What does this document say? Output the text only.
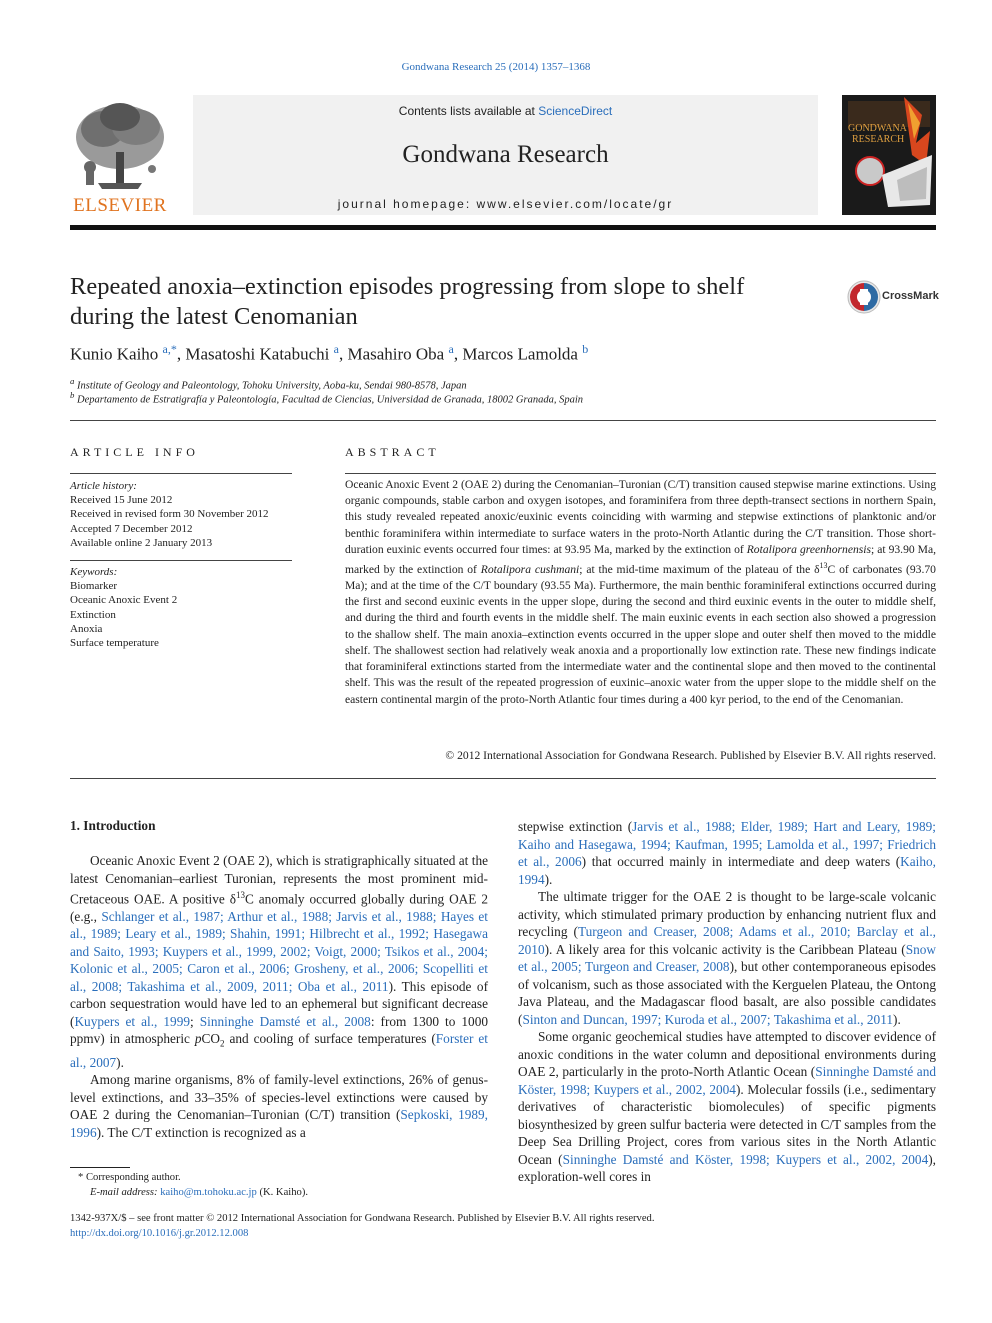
Gondwana Research 25 (2014) 1357–1368
ELSEVIER
Contents lists available at ScienceDirect
Gondwana Research
journal homepage: www.elsevier.com/locate/gr
GONDWANA
RESEARCH
Repeated anoxia–extinction episodes progressing from slope to shelf
during the latest Cenomanian
CrossMark
Kunio Kaiho $^{a,*}$, Masatoshi Katabuchi $^a$, Masahiro Oba $^a$, Marcos Lamolda $^b$
$^a$ Institute of Geology and Paleontology, Tohoku University, Aoba-ku, Sendai 980-8578, Japan
$^b$ Departamento de Estratigrafía y Paleontología, Facultad de Ciencias, Universidad de Granada, 18002 Granada, Spain
ARTICLE INFO
Article history:
Received 15 June 2012
Received in revised form 30 November 2012
Accepted 7 December 2012
Available online 2 January 2013
Keywords:
Biomarker
Oceanic Anoxic Event 2
Extinction
Anoxia
Surface temperature
ABSTRACT
Oceanic Anoxic Event 2 (OAE 2) during the Cenomanian–Turonian (C/T) transition caused stepwise marine extinctions. Using organic compounds, stable carbon and oxygen isotopes, and foraminifera from three depth-transect sections in northern Spain, this study revealed repeated anoxic/euxinic events coinciding with warming and stepwise extinctions of planktonic and/or benthic foraminifera within intermediate to surface waters in the proto-North Atlantic during the C/T transition. Those short-duration euxinic events occurred four times: at 93.95 Ma, marked by the extinction of Rotalipora greenhornensis; at 93.90 Ma, marked by the extinction of Rotalipora cushmani; at the mid-time maximum of the plateau of the $\delta^{13}C$ of carbonates (93.70 Ma); and at the time of the C/T boundary (93.55 Ma). Furthermore, the main benthic foraminiferal extinctions occurred during the first and second euxinic events in the upper slope, during the second and third euxinic events in the outer to middle shelf, and during the third and fourth events in the middle shelf. The main euxinic events in each section also showed a progression to the shallow shelf. The main anoxia–extinction events occurred in the upper slope and outer shelf then moved to the middle shelf. The shallowest section had relatively weak anoxia and a proportionally low extinction rate. These new findings indicate that foraminiferal extinctions started from the intermediate water and the continental slope and then moved to the continental shelf. This was the result of the repeated progression of euxinic–anoxic water from the upper slope to the middle shelf on the eastern continental margin of the proto-North Atlantic four times during a 400 kyr period, to the end of the Cenomanian.
© 2012 International Association for Gondwana Research. Published by Elsevier B.V. All rights reserved.
1. Introduction

Oceanic Anoxic Event 2 (OAE 2), which is stratigraphically situated at the latest Cenomanian–earliest Turonian, represents the most prominent mid-Cretaceous OAE. A positive $\delta^{13}C$ anomaly occurred globally during OAE 2 (e.g., Schlanger et al., 1987; Arthur et al., 1988; Jarvis et al., 1988; Hayes et al., 1989; Leary et al., 1989; Shahin, 1991; Hilbrecht et al., 1992; Hasegawa and Saito, 1993; Kuypers et al., 1999, 2002; Voigt, 2000; Tsikos et al., 2004; Kolonic et al., 2005; Caron et al., 2006; Grosheny, et al., 2006; Scopelliti et al., 2008; Takashima et al., 2009, 2011; Oba et al., 2011). This episode of carbon sequestration would have led to an ephemeral but significant decrease (Kuypers et al., 1999; Sinninghe Damsté et al., 2008: from 1300 to 1000 ppmv) in atmospheric pCO$_2$ and cooling of surface temperatures (Forster et al., 2007).

Among marine organisms, 8% of family-level extinctions, 26% of genus-level extinctions, and 33–35% of species-level extinctions were caused by OAE 2 during the Cenomanian–Turonian (C/T) transition (Sepkoski, 1989, 1996). The C/T extinction is recognized as a

stepwise extinction (Jarvis et al., 1988; Elder, 1989; Hart and Leary, 1989; Kaiho and Hasegawa, 1994; Kaufman, 1995; Lamolda et al., 1997; Friedrich et al., 2006) that occurred mainly in intermediate and deep waters (Kaiho, 1994).

The ultimate trigger for the OAE 2 is thought to be large-scale volcanic activity, which stimulated primary production by enhancing nutrient flux and recycling (Turgeon and Creaser, 2008; Adams et al., 2010; Barclay et al., 2010). A likely area for this volcanic activity is the Caribbean Plateau (Snow et al., 2005; Turgeon and Creaser, 2008), but other contemporaneous episodes of volcanism, such as those associated with the Kerguelen Plateau, the Ontong Java Plateau, and the Madagascar flood basalt, are also possible candidates (Sinton and Duncan, 1997; Kuroda et al., 2007; Takashima et al., 2011).

Some organic geochemical studies have attempted to discover evidence of anoxic conditions in the water column and depositional environments during OAE 2, particularly in the proto-North Atlantic Ocean (Sinninghe Damsté and Köster, 1998; Kuypers et al., 2002, 2004). Molecular fossils (i.e., sedimentary derivatives of characteristic biomolecules) of specific pigments biosynthesized by green sulfur bacteria were detected in C/T samples from the Deep Sea Drilling Project, cores from various sites in the North Atlantic Ocean (Sinninghe Damsté and Köster, 1998; Kuypers et al., 2002, 2004), exploration-well cores in

* Corresponding author.
E-mail address: kaiho@m.tohoku.ac.jp (K. Kaiho).
1342-937X/$ – see front matter © 2012 International Association for Gondwana Research. Published by Elsevier B.V. All rights reserved.
http://dx.doi.org/10.1016/j.gr.2012.12.008
